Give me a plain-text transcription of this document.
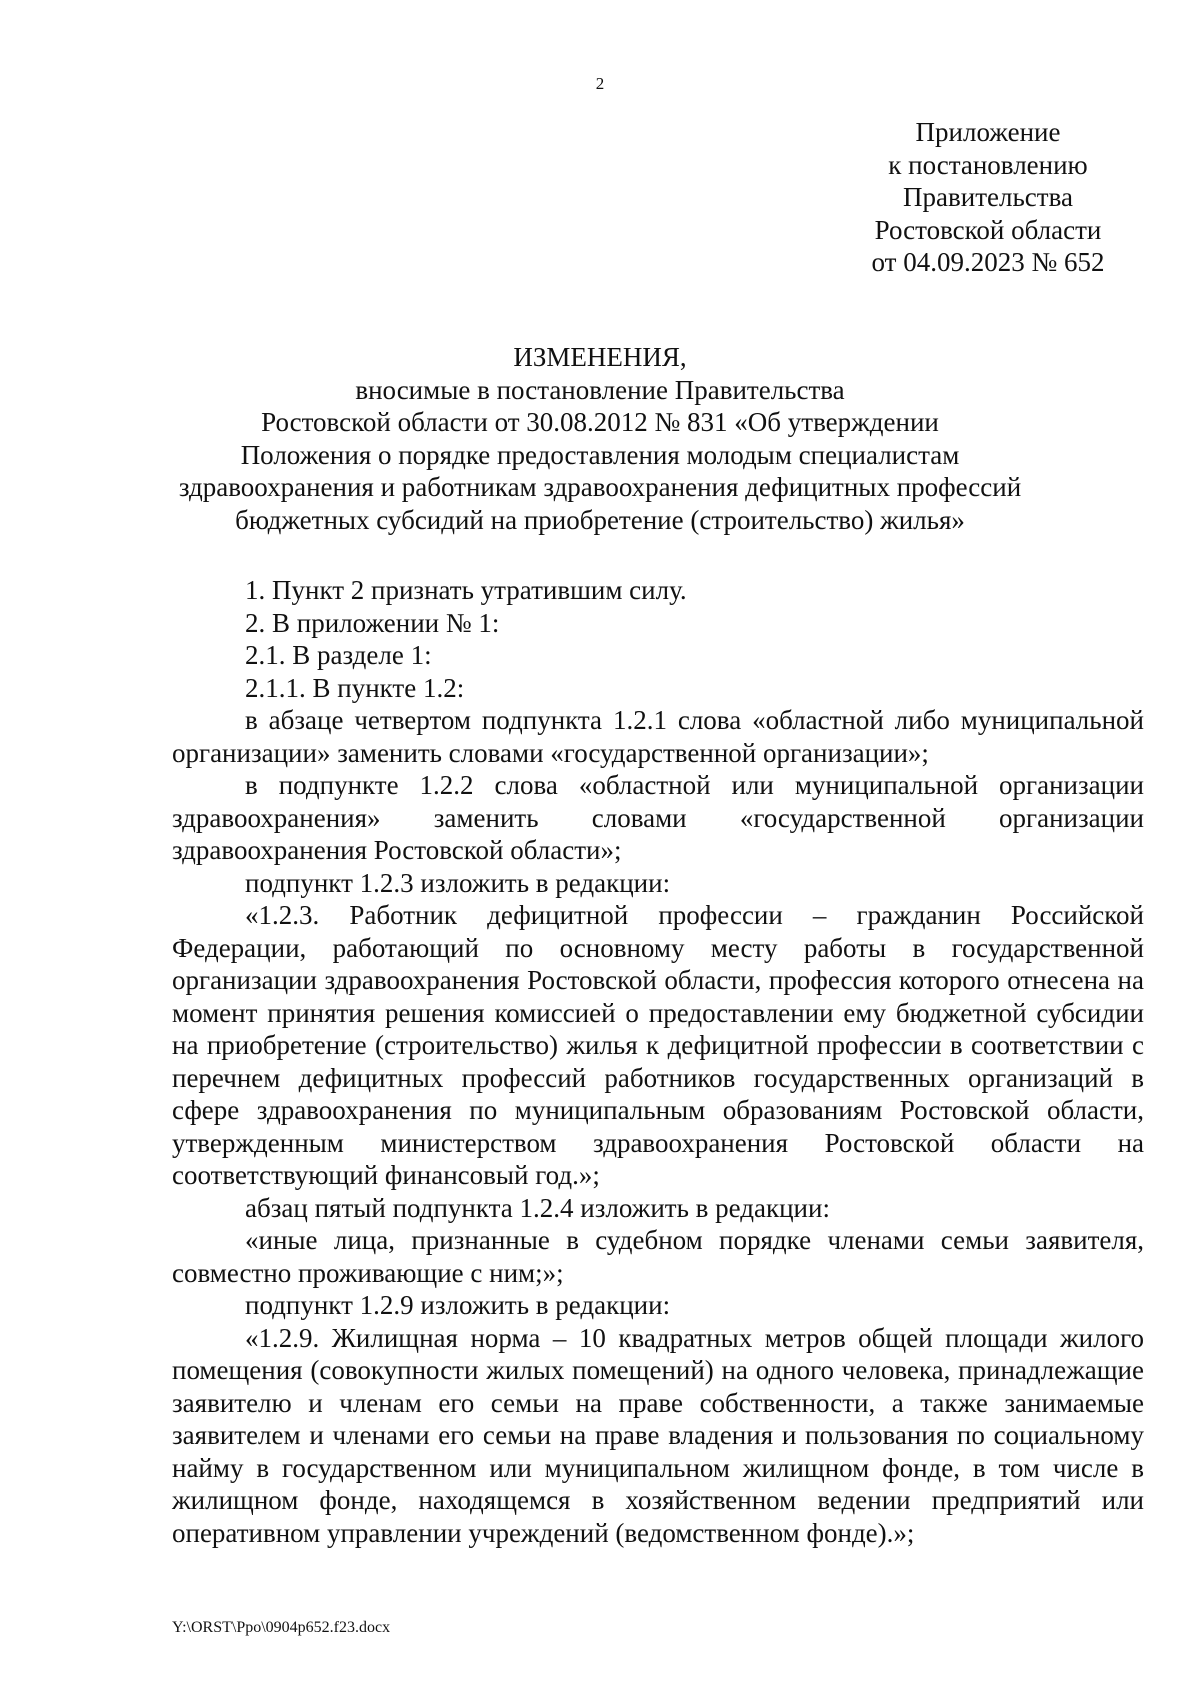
2
Приложение
к постановлению
Правительства
Ростовской области
от 04.09.2023 № 652
ИЗМЕНЕНИЯ,
вносимые в постановление Правительства
Ростовской области от 30.08.2012 № 831 «Об утверждении
Положения о порядке предоставления молодым специалистам
здравоохранения и работникам здравоохранения дефицитных профессий
бюджетных субсидий на приобретение (строительство) жилья»

1. Пункт 2 признать утратившим силу.

2. В приложении № 1:

2.1. В разделе 1:

2.1.1. В пункте 1.2:

в абзаце четвертом подпункта 1.2.1 слова «областной либо муниципальной организации» заменить словами «государственной организации»;

в подпункте 1.2.2 слова «областной или муниципальной организации здравоохранения» заменить словами «государственной организации здравоохранения Ростовской области»;

подпункт 1.2.3 изложить в редакции:

«1.2.3. Работник дефицитной профессии – гражданин Российской Федерации, работающий по основному месту работы в государственной организации здравоохранения Ростовской области, профессия которого отнесена на момент принятия решения комиссией о предоставлении ему бюджетной субсидии на приобретение (строительство) жилья к дефицитной профессии в соответствии с перечнем дефицитных профессий работников государственных организаций в сфере здравоохранения по муниципальным образованиям Ростовской области, утвержденным министерством здравоохранения Ростовской области на соответствующий финансовый год.»;

абзац пятый подпункта 1.2.4 изложить в редакции:

«иные лица, признанные в судебном порядке членами семьи заявителя, совместно проживающие с ним;»;

подпункт 1.2.9 изложить в редакции:

«1.2.9. Жилищная норма – 10 квадратных метров общей площади жилого помещения (совокупности жилых помещений) на одного человека, принадлежащие заявителю и членам его семьи на праве собственности, а также занимаемые заявителем и членами его семьи на праве владения и пользования по социальному найму в государственном или муниципальном жилищном фонде, в том числе в жилищном фонде, находящемся в хозяйственном ведении предприятий или оперативном управлении учреждений (ведомственном фонде).»;

Y:\ORST\Ppo\0904p652.f23.docx
